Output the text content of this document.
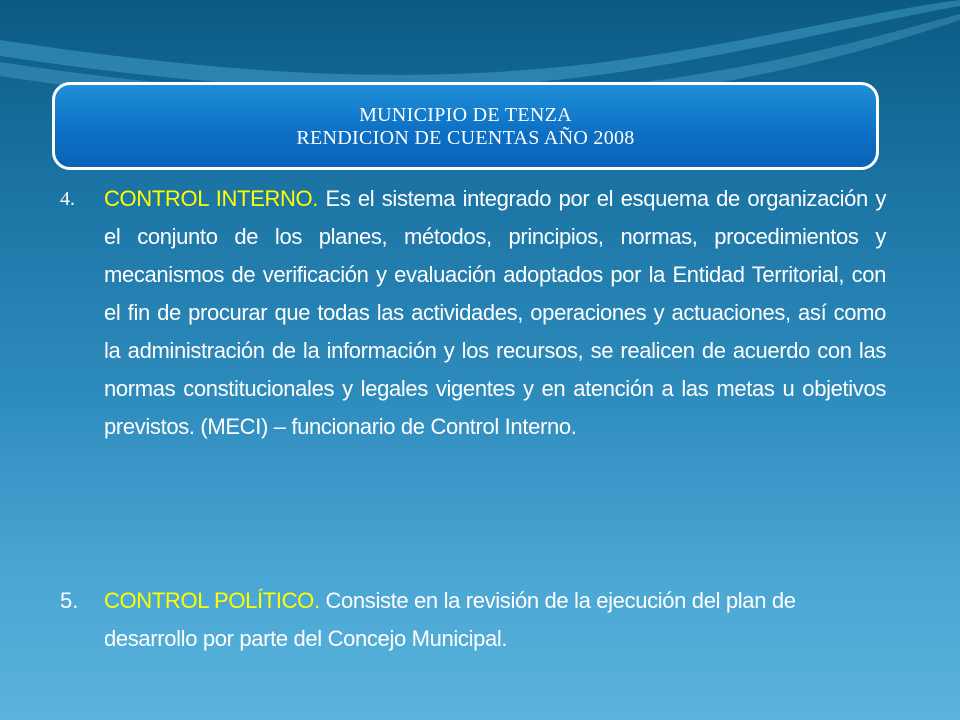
MUNICIPIO DE TENZA
RENDICION DE CUENTAS AÑO 2008
4.	CONTROL INTERNO. Es el sistema integrado por el esquema de organización y el conjunto de los planes, métodos, principios, normas, procedimientos y mecanismos de verificación y evaluación adoptados por la Entidad Territorial, con el fin de procurar que todas las actividades, operaciones y actuaciones, así como la administración de la información y los recursos, se realicen de acuerdo con las normas constitucionales y legales vigentes y en atención a las metas u objetivos previstos. (MECI) – funcionario de Control Interno.
5.	CONTROL POLÍTICO. Consiste en la revisión de la ejecución del plan de desarrollo por parte del Concejo Municipal.
